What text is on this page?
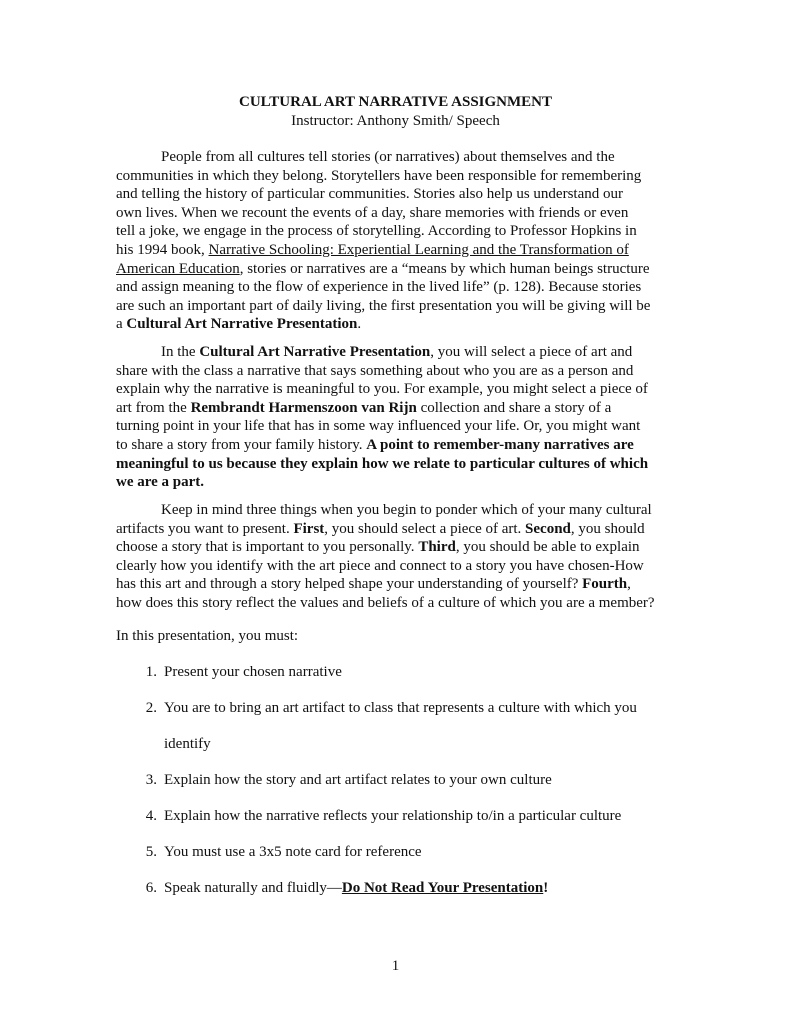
CULTURAL ART NARRATIVE ASSIGNMENT
Instructor: Anthony Smith/ Speech
People from all cultures tell stories (or narratives) about themselves and the
communities in which they belong. Storytellers have been responsible for remembering
and telling the history of particular communities. Stories also help us understand our
own lives. When we recount the events of a day, share memories with friends or even
tell a joke, we engage in the process of storytelling. According to Professor Hopkins in
his 1994 book, Narrative Schooling: Experiential Learning and the Transformation of
American Education, stories or narratives are a “means by which human beings structure
and assign meaning to the flow of experience in the lived life” (p. 128). Because stories
are such an important part of daily living, the first presentation you will be giving will be
a Cultural Art Narrative Presentation.
In the Cultural Art Narrative Presentation, you will select a piece of art and
share with the class a narrative that says something about who you are as a person and
explain why the narrative is meaningful to you. For example, you might select a piece of
art from the Rembrandt Harmenszoon van Rijn collection and share a story of a
turning point in your life that has in some way influenced your life. Or, you might want
to share a story from your family history. A point to remember-many narratives are
meaningful to us because they explain how we relate to particular cultures of which
we are a part.
Keep in mind three things when you begin to ponder which of your many cultural
artifacts you want to present. First, you should select a piece of art. Second, you should
choose a story that is important to you personally. Third, you should be able to explain
clearly how you identify with the art piece and connect to a story you have chosen-How
has this art and through a story helped shape your understanding of yourself? Fourth,
how does this story reflect the values and beliefs of a culture of which you are a member?
In this presentation, you must:
1. Present your chosen narrative
2. You are to bring an art artifact to class that represents a culture with which you
identify
3. Explain how the story and art artifact relates to your own culture
4. Explain how the narrative reflects your relationship to/in a particular culture
5. You must use a 3x5 note card for reference
6. Speak naturally and fluidly—Do Not Read Your Presentation!
1
